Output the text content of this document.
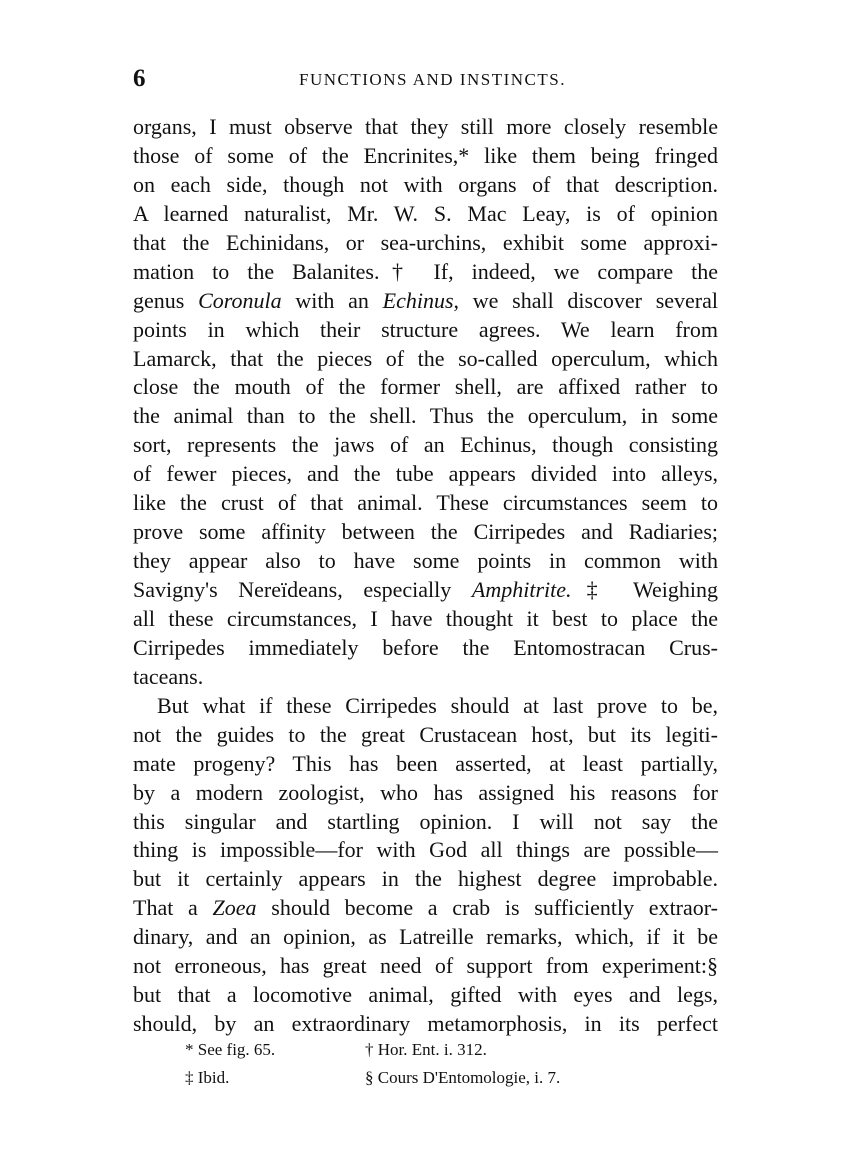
6	FUNCTIONS AND INSTINCTS.
organs, I must observe that they still more closely resemble
those of some of the Encrinites,* like them being fringed
on each side, though not with organs of that description.
A learned naturalist, Mr. W. S. Mac Leay, is of opinion
that the Echinidans, or sea-urchins, exhibit some approxi-
mation to the Balanites.† If, indeed, we compare the
genus Coronula with an Echinus, we shall discover several
points in which their structure agrees. We learn from
Lamarck, that the pieces of the so-called operculum, which
close the mouth of the former shell, are affixed rather to
the animal than to the shell. Thus the operculum, in some
sort, represents the jaws of an Echinus, though consisting
of fewer pieces, and the tube appears divided into alleys,
like the crust of that animal. These circumstances seem to
prove some affinity between the Cirripedes and Radiaries;
they appear also to have some points in common with
Savigny's Nereïdeans, especially Amphitrite.‡ Weighing
all these circumstances, I have thought it best to place the
Cirripedes immediately before the Entomostracan Crus-
taceans.
But what if these Cirripedes should at last prove to be,
not the guides to the great Crustacean host, but its legiti-
mate progeny? This has been asserted, at least partially,
by a modern zoologist, who has assigned his reasons for
this singular and startling opinion. I will not say the
thing is impossible—for with God all things are possible—
but it certainly appears in the highest degree improbable.
That a Zoea should become a crab is sufficiently extraor-
dinary, and an opinion, as Latreille remarks, which, if it be
not erroneous, has great need of support from experiment:§
but that a locomotive animal, gifted with eyes and legs,
should, by an extraordinary metamorphosis, in its perfect
* See fig. 65.	† Hor. Ent. i. 312.
‡ Ibid.	§ Cours D'Entomologie, i. 7.
